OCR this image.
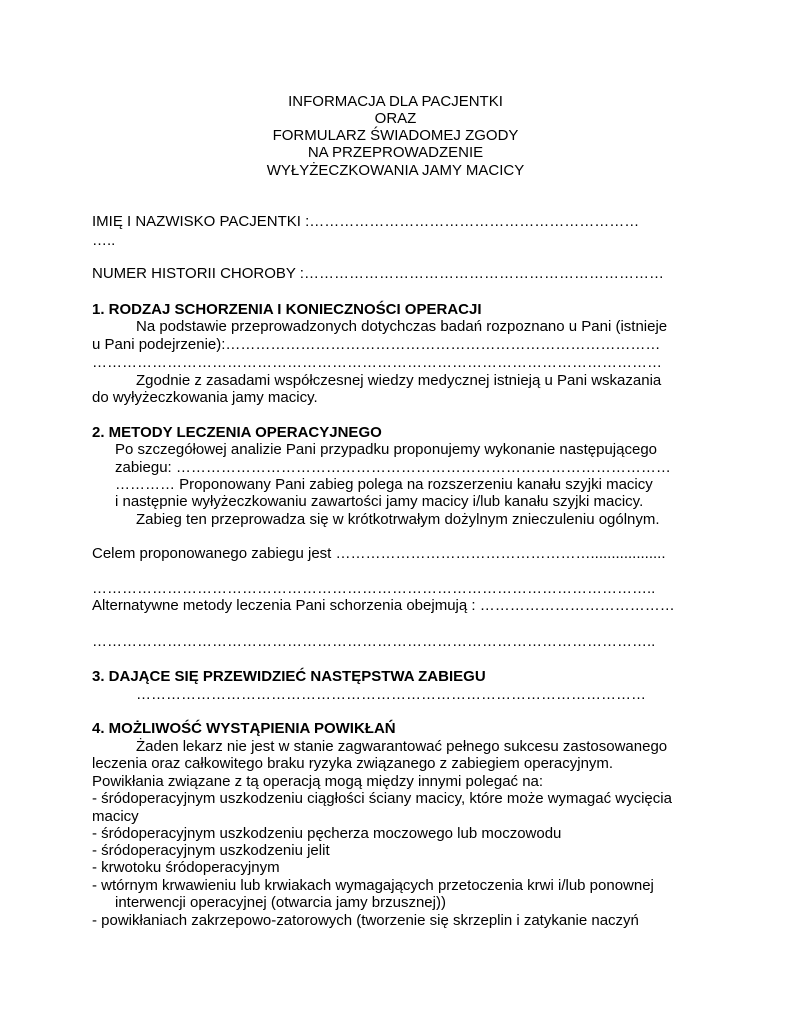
INFORMACJA DLA PACJENTKI
ORAZ
FORMULARZ ŚWIADOMEJ ZGODY
NA PRZEPROWADZENIE
WYŁYŻECZKOWANIA JAMY MACICY
IMIĘ I NAZWISKO PACJENTKI :…………………………………………………………
…..
NUMER HISTORII CHOROBY :………………………………………………………………
1. RODZAJ SCHORZENIA I KONIECZNOŚCI OPERACJI
Na podstawie przeprowadzonych dotychczas badań rozpoznano u Pani (istnieje
u Pani podejrzenie):……………………………………………………………………………
……………………………………………………………………………………………………
Zgodnie z zasadami współczesnej wiedzy medycznej istnieją u Pani wskazania
do wyłyżeczkowania jamy macicy.
2. METODY LECZENIA OPERACYJNEGO
Po szczegółowej analizie Pani przypadku proponujemy wykonanie następującego
zabiegu: ………………………………………………………………………………………
………… Proponowany Pani zabieg polega na rozszerzeniu kanału szyjki macicy
i następnie wyłyżeczkowaniu zawartości jamy macicy i/lub kanału szyjki macicy.
Zabieg ten przeprowadza się w krótkotrwałym dożylnym znieczuleniu ogólnym.
Celem proponowanego zabiegu jest ……………………………………………..................
…………………………………………………………………………………………………..
Alternatywne metody leczenia Pani schorzenia obejmują : …………………………………
…………………………………………………………………………………………………..
3. DAJĄCE SIĘ PRZEWIDZIEĆ NASTĘPSTWA ZABIEGU
…………………………………………………………………………………………
4. MOŻLIWOŚĆ WYSTĄPIENIA POWIKŁAŃ
Żaden lekarz nie jest w stanie zagwarantować pełnego sukcesu zastosowanego
leczenia oraz całkowitego braku ryzyka związanego z zabiegiem operacyjnym.
Powikłania związane z tą operacją mogą między innymi polegać na:
- śródoperacyjnym uszkodzeniu ciągłości ściany macicy, które może wymagać wycięcia
macicy
- śródoperacyjnym uszkodzeniu pęcherza moczowego lub moczowodu
- śródoperacyjnym uszkodzeniu jelit
- krwotoku śródoperacyjnym
- wtórnym krwawieniu lub krwiakach wymagających przetoczenia krwi i/lub ponownej
interwencji operacyjnej (otwarcia jamy brzusznej))
- powikłaniach zakrzepowo-zatorowych (tworzenie się skrzeplin i zatykanie naczyń
